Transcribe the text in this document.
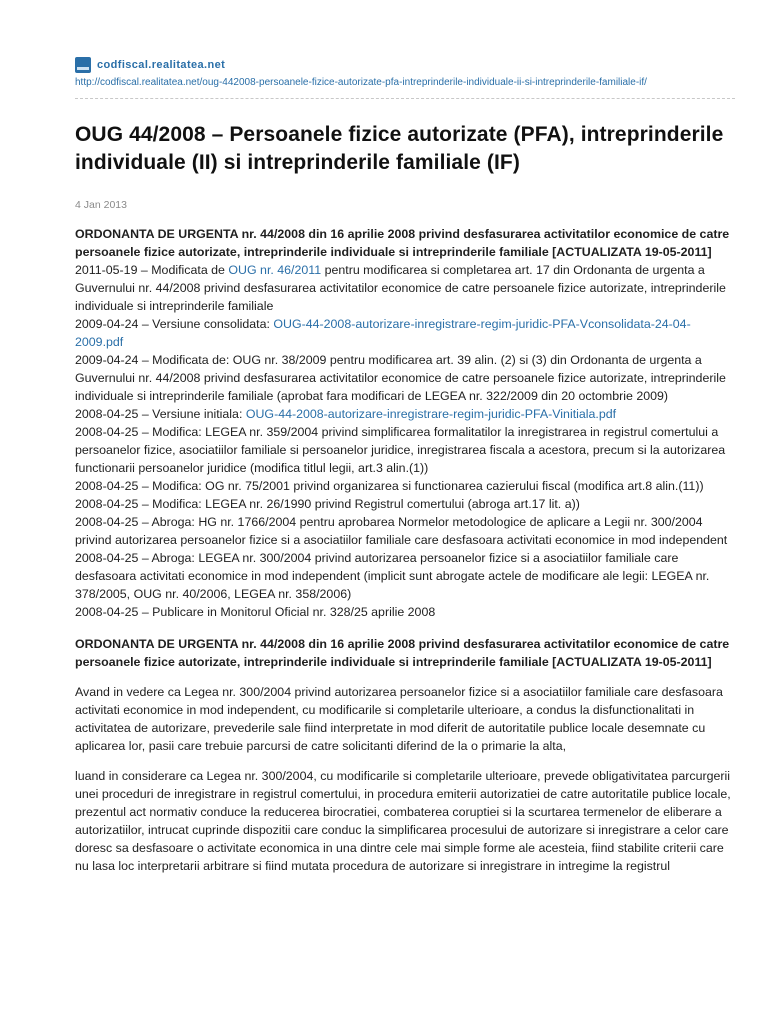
codfiscal.realitatea.net
http://codfiscal.realitatea.net/oug-442008-persoanele-fizice-autorizate-pfa-intreprinderile-individuale-ii-si-intreprinderile-familiale-if/
OUG 44/2008 – Persoanele fizice autorizate (PFA), intreprinderile individuale (II) si intreprinderile familiale (IF)
4 Jan 2013
ORDONANTA DE URGENTA nr. 44/2008 din 16 aprilie 2008 privind desfasurarea activitatilor economice de catre persoanele fizice autorizate, intreprinderile individuale si intreprinderile familiale [ACTUALIZATA 19-05-2011]
2011-05-19 – Modificata de OUG nr. 46/2011 pentru modificarea si completarea art. 17 din Ordonanta de urgenta a Guvernului nr. 44/2008 privind desfasurarea activitatilor economice de catre persoanele fizice autorizate, intreprinderile individuale si intreprinderile familiale
2009-04-24 – Versiune consolidata: OUG-44-2008-autorizare-inregistrare-regim-juridic-PFA-Vconsolidata-24-04-2009.pdf
2009-04-24 – Modificata de: OUG nr. 38/2009 pentru modificarea art. 39 alin. (2) si (3) din Ordonanta de urgenta a Guvernului nr. 44/2008 privind desfasurarea activitatilor economice de catre persoanele fizice autorizate, intreprinderile individuale si intreprinderile familiale (aprobat fara modificari de LEGEA nr. 322/2009 din 20 octombrie 2009)
2008-04-25 – Versiune initiala: OUG-44-2008-autorizare-inregistrare-regim-juridic-PFA-Vinitiala.pdf
2008-04-25 – Modifica: LEGEA nr. 359/2004 privind simplificarea formalitatilor la inregistrarea in registrul comertului a persoanelor fizice, asociatiilor familiale si persoanelor juridice, inregistrarea fiscala a acestora, precum si la autorizarea functionarii persoanelor juridice (modifica titlul legii, art.3 alin.(1))
2008-04-25 – Modifica: OG nr. 75/2001 privind organizarea si functionarea cazierului fiscal (modifica art.8 alin.(11))
2008-04-25 – Modifica: LEGEA nr. 26/1990 privind Registrul comertului (abroga art.17 lit. a))
2008-04-25 – Abroga: HG nr. 1766/2004 pentru aprobarea Normelor metodologice de aplicare a Legii nr. 300/2004 privind autorizarea persoanelor fizice si a asociatiilor familiale care desfasoara activitati economice in mod independent
2008-04-25 – Abroga: LEGEA nr. 300/2004 privind autorizarea persoanelor fizice si a asociatiilor familiale care desfasoara activitati economice in mod independent (implicit sunt abrogate actele de modificare ale legii: LEGEA nr. 378/2005, OUG nr. 40/2006, LEGEA nr. 358/2006)
2008-04-25 – Publicare in Monitorul Oficial nr. 328/25 aprilie 2008
ORDONANTA DE URGENTA nr. 44/2008 din 16 aprilie 2008 privind desfasurarea activitatilor economice de catre persoanele fizice autorizate, intreprinderile individuale si intreprinderile familiale [ACTUALIZATA 19-05-2011]
Avand in vedere ca Legea nr. 300/2004 privind autorizarea persoanelor fizice si a asociatiilor familiale care desfasoara activitati economice in mod independent, cu modificarile si completarile ulterioare, a condus la disfunctionalitati in activitatea de autorizare, prevederile sale fiind interpretate in mod diferit de autoritatile publice locale desemnate cu aplicarea lor, pasii care trebuie parcursi de catre solicitanti diferind de la o primarie la alta,
luand in considerare ca Legea nr. 300/2004, cu modificarile si completarile ulterioare, prevede obligativitatea parcurgerii unei proceduri de inregistrare in registrul comertului, in procedura emiterii autorizatiei de catre autoritatile publice locale, prezentul act normativ conduce la reducerea birocratiei, combaterea coruptiei si la scurtarea termenelor de eliberare a autorizatiilor, intrucat cuprinde dispozitii care conduc la simplificarea procesului de autorizare si inregistrare a celor care doresc sa desfasoare o activitate economica in una dintre cele mai simple forme ale acesteia, fiind stabilite criterii care nu lasa loc interpretarii arbitrare si fiind mutata procedura de autorizare si inregistrare in intregime la registrul
